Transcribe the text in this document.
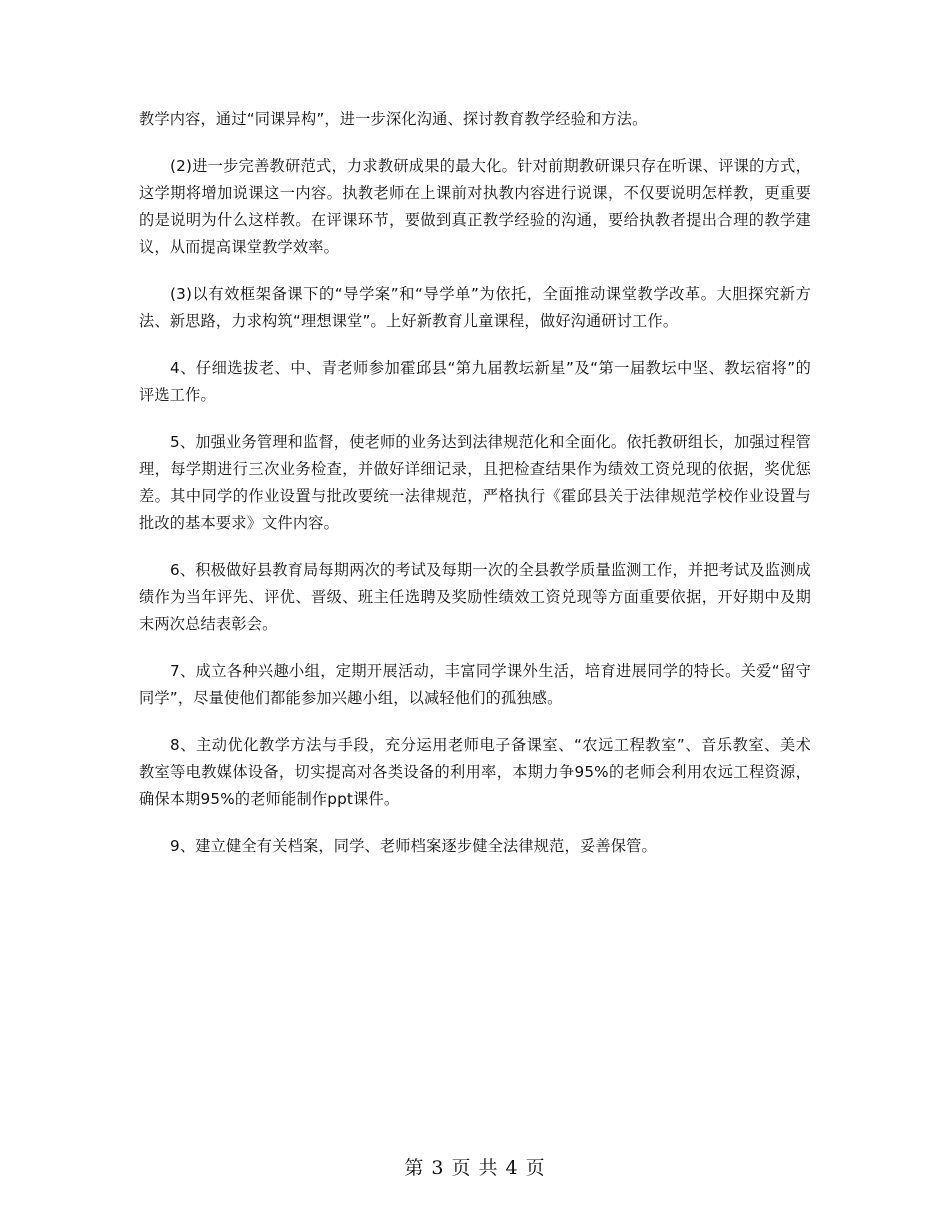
教学内容，通过“同课异构”，进一步深化沟通、探讨教育教学经验和方法。

(2)进一步完善教研范式，力求教研成果的最大化。针对前期教研课只存在听课、评课的方式，这学期将增加说课这一内容。执教老师在上课前对执教内容进行说课，不仅要说明怎样教，更重要的是说明为什么这样教。在评课环节，要做到真正教学经验的沟通，要给执教者提出合理的教学建议，从而提高课堂教学效率。

(3)以有效框架备课下的“导学案”和“导学单”为依托，全面推动课堂教学改革。大胆探究新方法、新思路，力求构筑“理想课堂”。上好新教育儿童课程，做好沟通研讨工作。

4、仔细选拔老、中、青老师参加霍邱县“第九届教坛新星”及“第一届教坛中坚、教坛宿将”的评选工作。

5、加强业务管理和监督，使老师的业务达到法律规范化和全面化。依托教研组长，加强过程管理，每学期进行三次业务检查，并做好详细记录，且把检查结果作为绩效工资兑现的依据，奖优惩差。其中同学的作业设置与批改要统一法律规范，严格执行《霍邱县关于法律规范学校作业设置与批改的基本要求》文件内容。

6、积极做好县教育局每期两次的考试及每期一次的全县教学质量监测工作，并把考试及监测成绩作为当年评先、评优、晋级、班主任选聘及奖励性绩效工资兑现等方面重要依据，开好期中及期末两次总结表彰会。

7、成立各种兴趣小组，定期开展活动，丰富同学课外生活，培育进展同学的特长。关爱“留守同学”，尽量使他们都能参加兴趣小组，以减轻他们的孤独感。

8、主动优化教学方法与手段，充分运用老师电子备课室、“农远工程教室”、音乐教室、美术教室等电教媒体设备，切实提高对各类设备的利用率，本期力争95%的老师会利用农远工程资源，确保本期95%的老师能制作ppt课件。

9、建立健全有关档案，同学、老师档案逐步健全法律规范，妥善保管。

第 3 页 共 4 页
